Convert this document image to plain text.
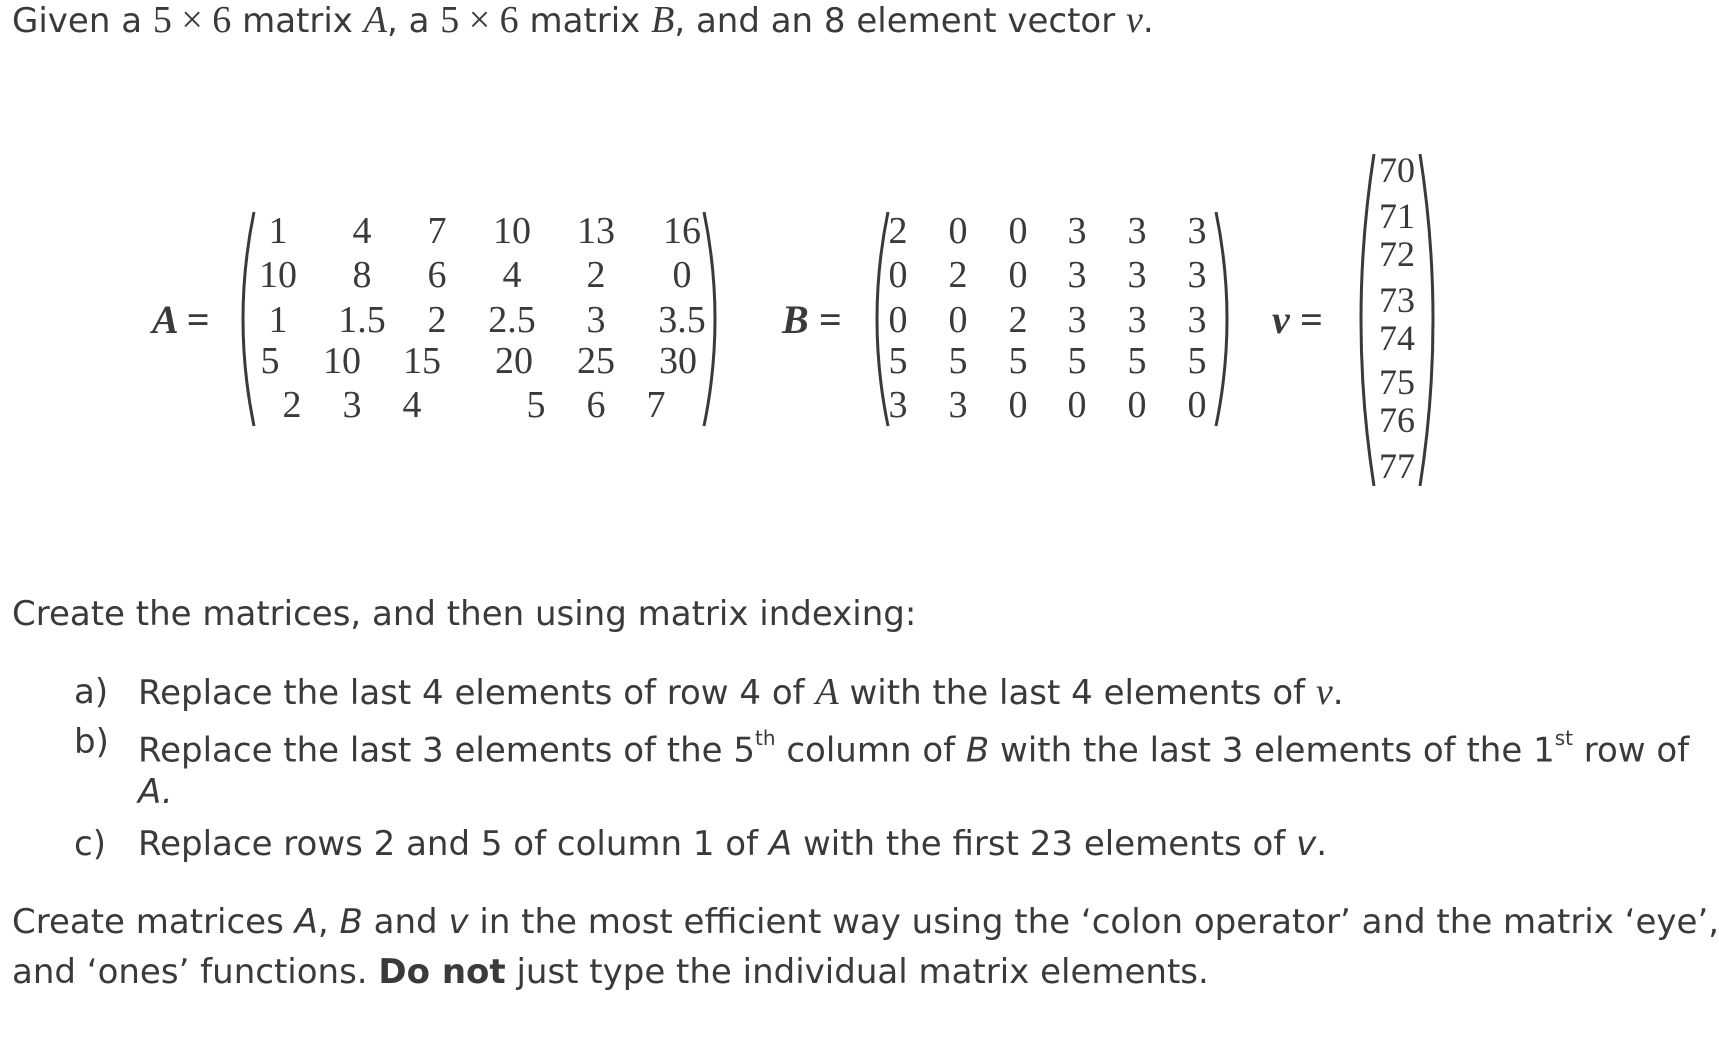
Given a 5 × 6 matrix A, a 5 × 6 matrix B, and an 8 element vector v.
A =
1 4 7 10 13 16
10 8 6 4 2 0
1 1.5 2 2.5 3 3.5
5 10 15 20 25 30
2 3 4	5 6 7
B =
2 0 0 3 3 3
0 2 0 3 3 3
0 0 2 3 3 3
5 5 5 5 5 5
3 3 0 0 0 0
v =
70
71
72
73
74
75
76
77
Create the matrices, and then using matrix indexing:
a) Replace the last 4 elements of row 4 of A with the last 4 elements of v.
b) Replace the last 3 elements of the 5th column of B with the last 3 elements of the 1st row of
A.
c) Replace rows 2 and 5 of column 1 of A with the first 23 elements of v.
Create matrices A, B and v in the most efficient way using the ‘colon operator’ and the matrix ‘eye’,
and ‘ones’ functions. Do not just type the individual matrix elements.
